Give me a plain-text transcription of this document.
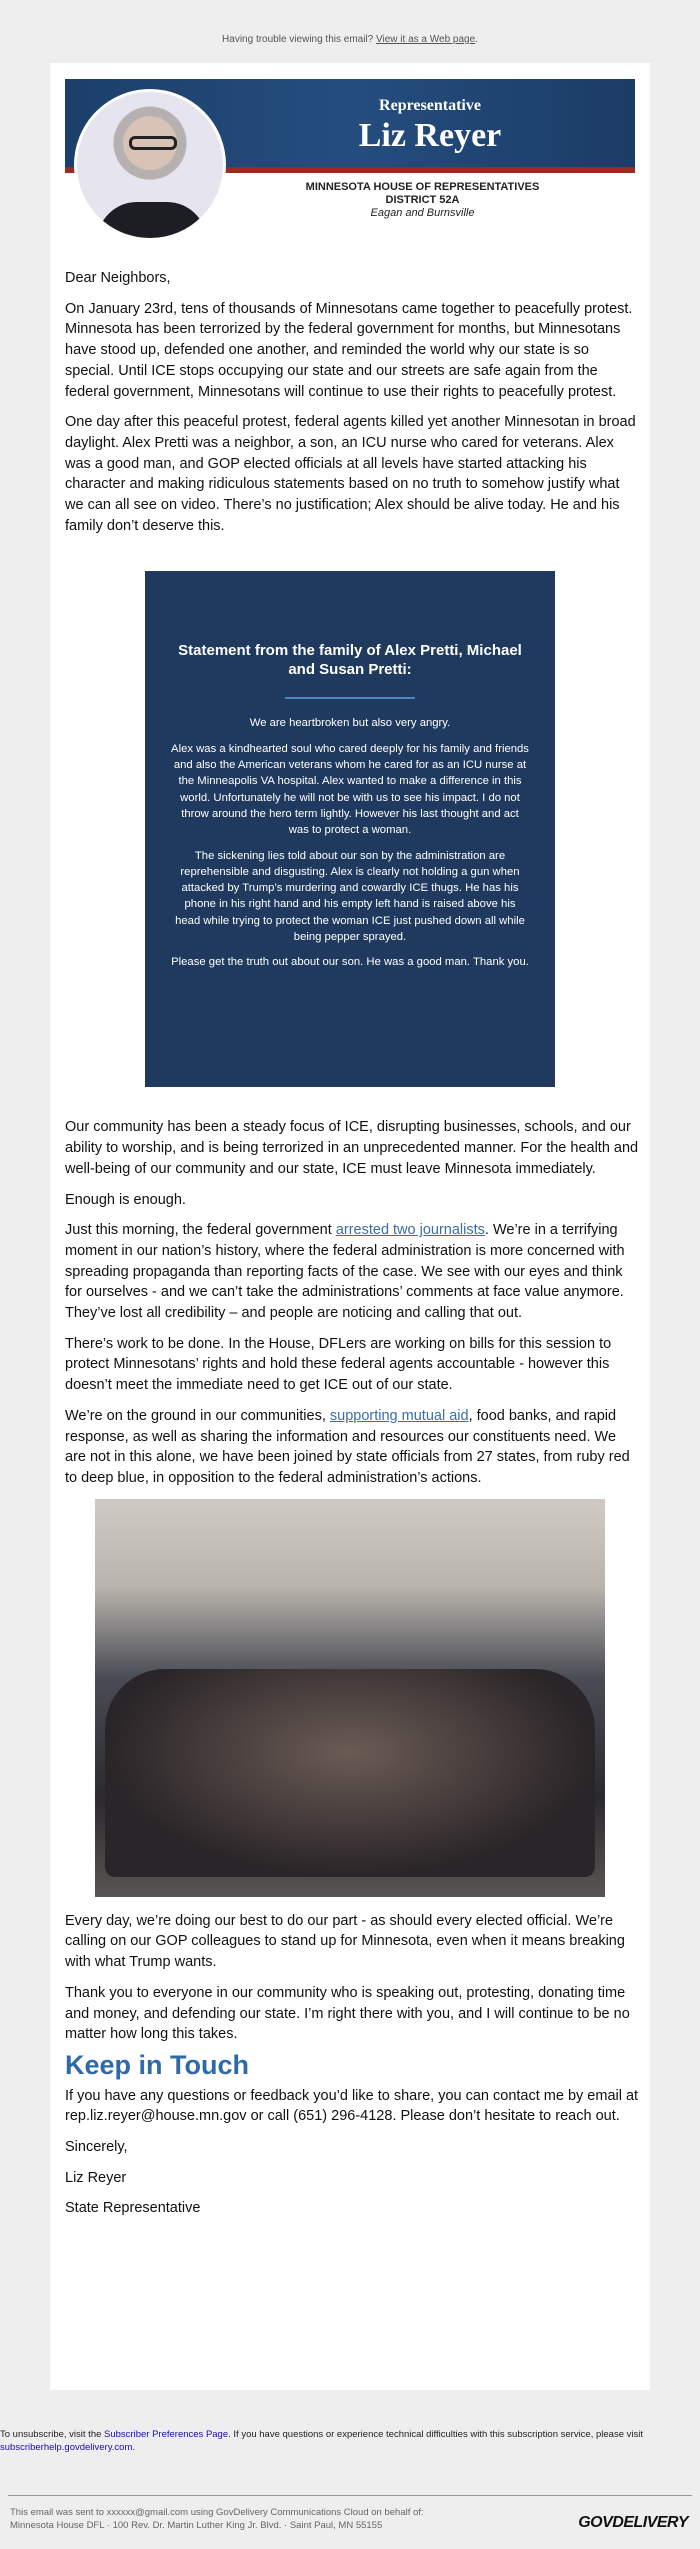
Having trouble viewing this email? View it as a Web page.
Representative
Liz Reyer
MINNESOTA HOUSE OF REPRESENTATIVES
DISTRICT 52A
Eagan and Burnsville

Dear Neighbors,

On January 23rd, tens of thousands of Minnesotans came together to peacefully protest. Minnesota has been terrorized by the federal government for months, but Minnesotans have stood up, defended one another, and reminded the world why our state is so special. Until ICE stops occupying our state and our streets are safe again from the federal government, Minnesotans will continue to use their rights to peacefully protest.

One day after this peaceful protest, federal agents killed yet another Minnesotan in broad daylight. Alex Pretti was a neighbor, a son, an ICU nurse who cared for veterans. Alex was a good man, and GOP elected officials at all levels have started attacking his character and making ridiculous statements based on no truth to somehow justify what we can all see on video. There’s no justification; Alex should be alive today. He and his family don’t deserve this.

Statement from the family of Alex Pretti, Michael and Susan Pretti:

We are heartbroken but also very angry.

Alex was a kindhearted soul who cared deeply for his family and friends and also the American veterans whom he cared for as an ICU nurse at the Minneapolis VA hospital. Alex wanted to make a difference in this world. Unfortunately he will not be with us to see his impact. I do not throw around the hero term lightly. However his last thought and act was to protect a woman.

The sickening lies told about our son by the administration are reprehensible and disgusting. Alex is clearly not holding a gun when attacked by Trump’s murdering and cowardly ICE thugs. He has his phone in his right hand and his empty left hand is raised above his head while trying to protect the woman ICE just pushed down all while being pepper sprayed.

Please get the truth out about our son. He was a good man. Thank you.

Our community has been a steady focus of ICE, disrupting businesses, schools, and our ability to worship, and is being terrorized in an unprecedented manner. For the health and well-being of our community and our state, ICE must leave Minnesota immediately.

Enough is enough.

Just this morning, the federal government arrested two journalists. We’re in a terrifying moment in our nation’s history, where the federal administration is more concerned with spreading propaganda than reporting facts of the case. We see with our eyes and think for ourselves - and we can’t take the administrations’ comments at face value anymore. They’ve lost all credibility – and people are noticing and calling that out.

There’s work to be done. In the House, DFLers are working on bills for this session to protect Minnesotans’ rights and hold these federal agents accountable - however this doesn’t meet the immediate need to get ICE out of our state.

We’re on the ground in our communities, supporting mutual aid, food banks, and rapid response, as well as sharing the information and resources our constituents need. We are not in this alone, we have been joined by state officials from 27 states, from ruby red to deep blue, in opposition to the federal administration’s actions.

Every day, we’re doing our best to do our part - as should every elected official. We’re calling on our GOP colleagues to stand up for Minnesota, even when it means breaking with what Trump wants.

Thank you to everyone in our community who is speaking out, protesting, donating time and money, and defending our state. I’m right there with you, and I will continue to be no matter how long this takes.

Keep in Touch

If you have any questions or feedback you’d like to share, you can contact me by email at rep.liz.reyer@house.mn.gov or call (651) 296-4128. Please don’t hesitate to reach out.

Sincerely,

Liz Reyer

State Representative

To unsubscribe, visit the Subscriber Preferences Page. If you have questions or experience technical difficulties with this subscription service, please visit
subscriberhelp.govdelivery.com.
This email was sent to xxxxxx@gmail.com using GovDelivery Communications Cloud on behalf of: Minnesota House DFL · 100 Rev. Dr. Martin Luther King Jr. Blvd. · Saint Paul, MN 55155	GOVDELIVERY
